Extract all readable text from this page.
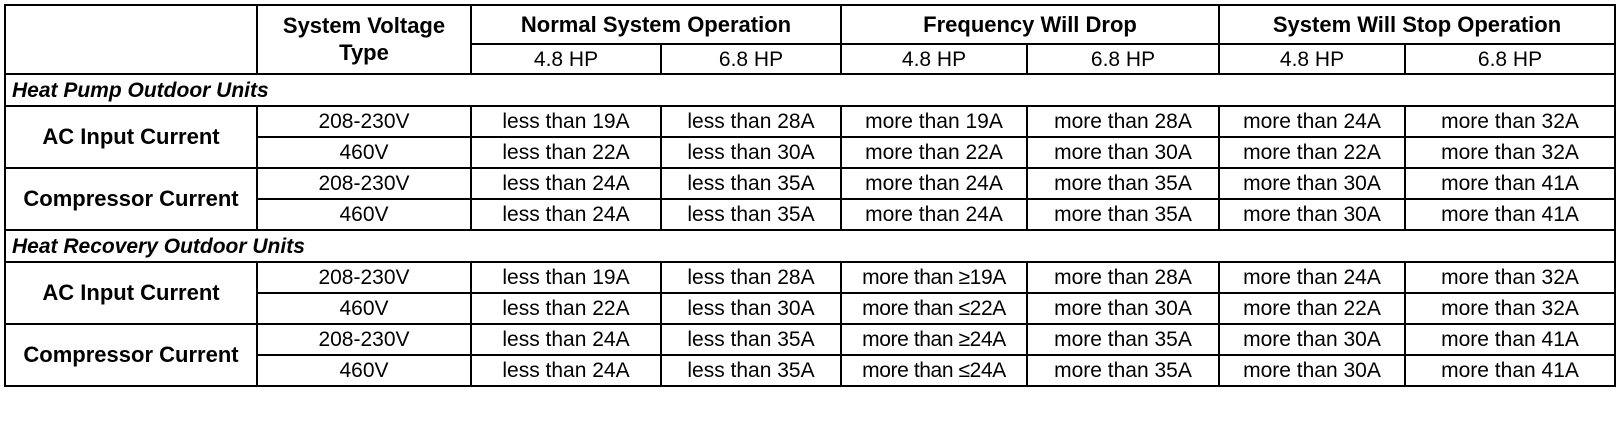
	System Voltage Type	Normal System Operation		Frequency Will Drop		System Will Stop Operation	
		4.8 HP	6.8 HP	4.8 HP	6.8 HP	4.8 HP	6.8 HP
Heat Pump Outdoor Units							
AC Input Current	208-230V	less than 19A	less than 28A	more than 19A	more than 28A	more than 24A	more than 32A
	460V	less than 22A	less than 30A	more than 22A	more than 30A	more than 22A	more than 32A
Compressor Current	208-230V	less than 24A	less than 35A	more than 24A	more than 35A	more than 30A	more than 41A
	460V	less than 24A	less than 35A	more than 24A	more than 35A	more than 30A	more than 41A
Heat Recovery Outdoor Units							
AC Input Current	208-230V	less than 19A	less than 28A	more than ≥19A	more than 28A	more than 24A	more than 32A
	460V	less than 22A	less than 30A	more than ≤22A	more than 30A	more than 22A	more than 32A
Compressor Current	208-230V	less than 24A	less than 35A	more than ≥24A	more than 35A	more than 30A	more than 41A
	460V	less than 24A	less than 35A	more than ≤24A	more than 35A	more than 30A	more than 41A
